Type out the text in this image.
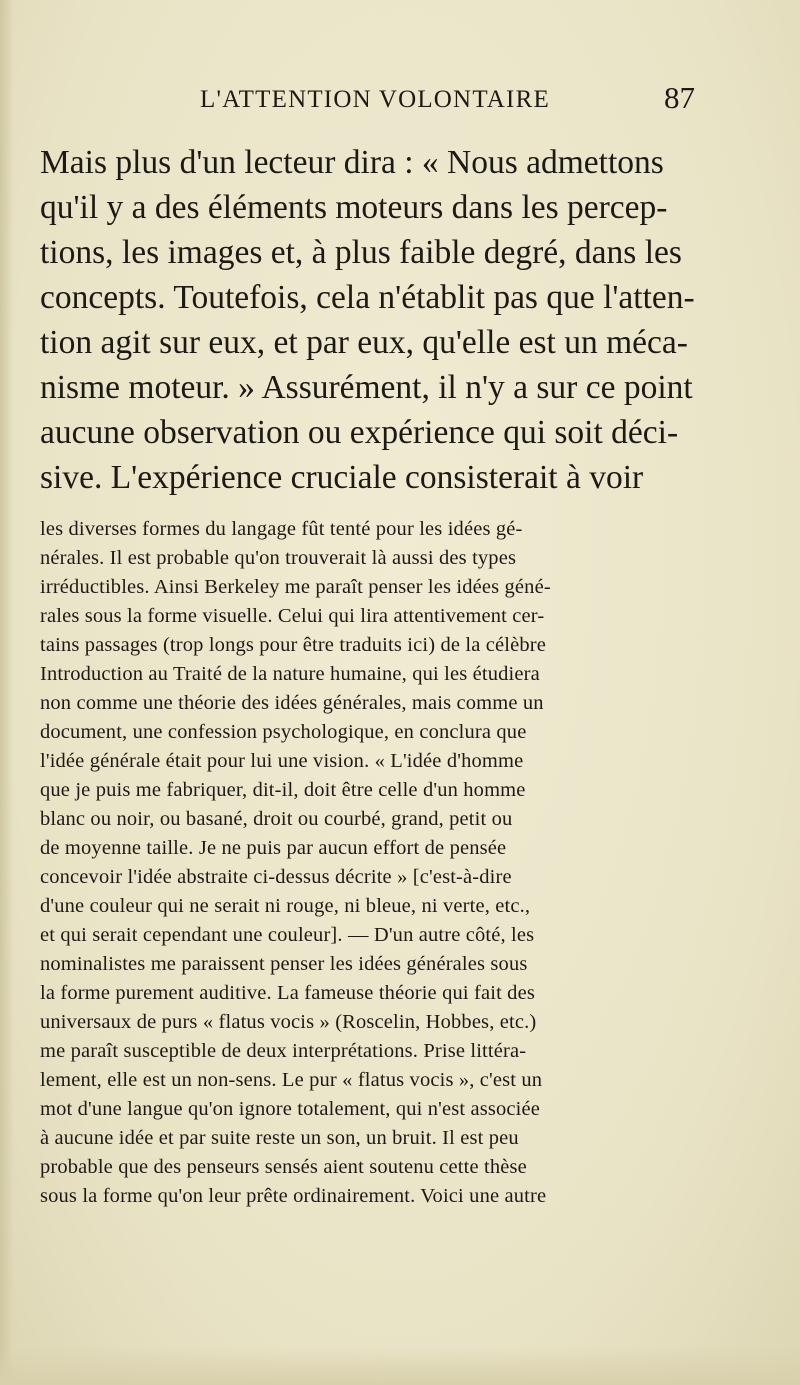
L'ATTENTION VOLONTAIRE	87
Mais plus d'un lecteur dira : « Nous admettons
qu'il y a des éléments moteurs dans les percep-
tions, les images et, à plus faible degré, dans les
concepts. Toutefois, cela n'établit pas que l'atten-
tion agit sur eux, et par eux, qu'elle est un méca-
nisme moteur. » Assurément, il n'y a sur ce point
aucune observation ou expérience qui soit déci-
sive. L'expérience cruciale consisterait à voir
les diverses formes du langage fût tenté pour les idées gé-
nérales. Il est probable qu'on trouverait là aussi des types
irréductibles. Ainsi Berkeley me paraît penser les idées géné-
rales sous la forme visuelle. Celui qui lira attentivement cer-
tains passages (trop longs pour être traduits ici) de la célèbre
Introduction au Traité de la nature humaine, qui les étudiera
non comme une théorie des idées générales, mais comme un
document, une confession psychologique, en conclura que
l'idée générale était pour lui une vision. « L'idée d'homme
que je puis me fabriquer, dit-il, doit être celle d'un homme
blanc ou noir, ou basané, droit ou courbé, grand, petit ou
de moyenne taille. Je ne puis par aucun effort de pensée
concevoir l'idée abstraite ci-dessus décrite » [c'est-à-dire
d'une couleur qui ne serait ni rouge, ni bleue, ni verte, etc.,
et qui serait cependant une couleur]. — D'un autre côté, les
nominalistes me paraissent penser les idées générales sous
la forme purement auditive. La fameuse théorie qui fait des
universaux de purs « flatus vocis » (Roscelin, Hobbes, etc.)
me paraît susceptible de deux interprétations. Prise littéra-
lement, elle est un non-sens. Le pur « flatus vocis », c'est un
mot d'une langue qu'on ignore totalement, qui n'est associée
à aucune idée et par suite reste un son, un bruit. Il est peu
probable que des penseurs sensés aient soutenu cette thèse
sous la forme qu'on leur prête ordinairement. Voici une autre
